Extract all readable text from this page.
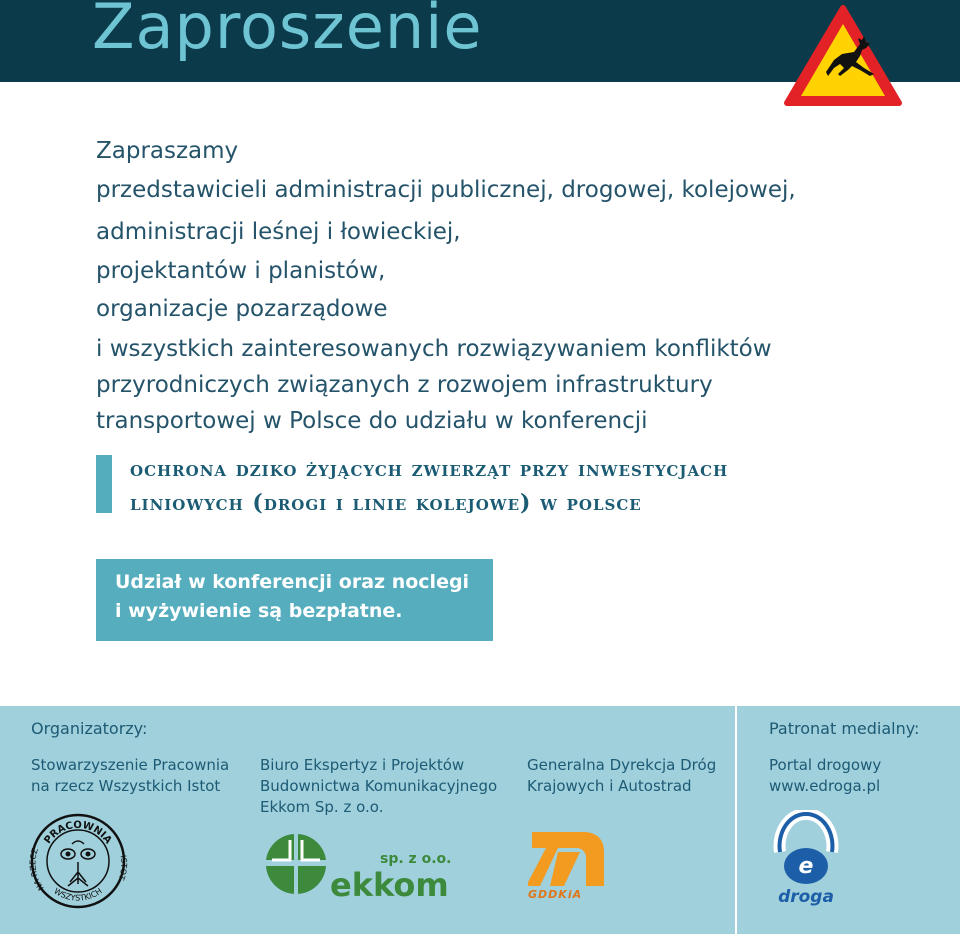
Zaproszenie
Zapraszamy
przedstawicieli administracji publicznej, drogowej, kolejowej,
administracji leśnej i łowieckiej,
projektantów i planistów,
organizacje pozarządowe
i wszystkich zainteresowanych rozwiązywaniem konfliktów
przyrodniczych związanych z rozwojem infrastruktury
transportowej w Polsce do udziału w konferencji
ochrona dziko żyjących zwierząt przy inwestycjach
liniowych (drogi i linie kolejowe) w polsce
Udział w konferencji oraz noclegi
i wyżywienie są bezpłatne.
Organizatorzy:	Patronat medialny:
Stowarzyszenie Pracownia
na rzecz Wszystkich Istot
Biuro Ekspertyz i Projektów
Budownictwa Komunikacyjnego
Ekkom Sp. z o.o.
Generalna Dyrekcja Dróg
Krajowych i Autostrad
Portal drogowy
www.edroga.pl
PRACOWNIA
NA RZECZ
WSZYSTKICH
ISTOT
sp. z o.o.
ekkom	GDDKiA
e
droga
